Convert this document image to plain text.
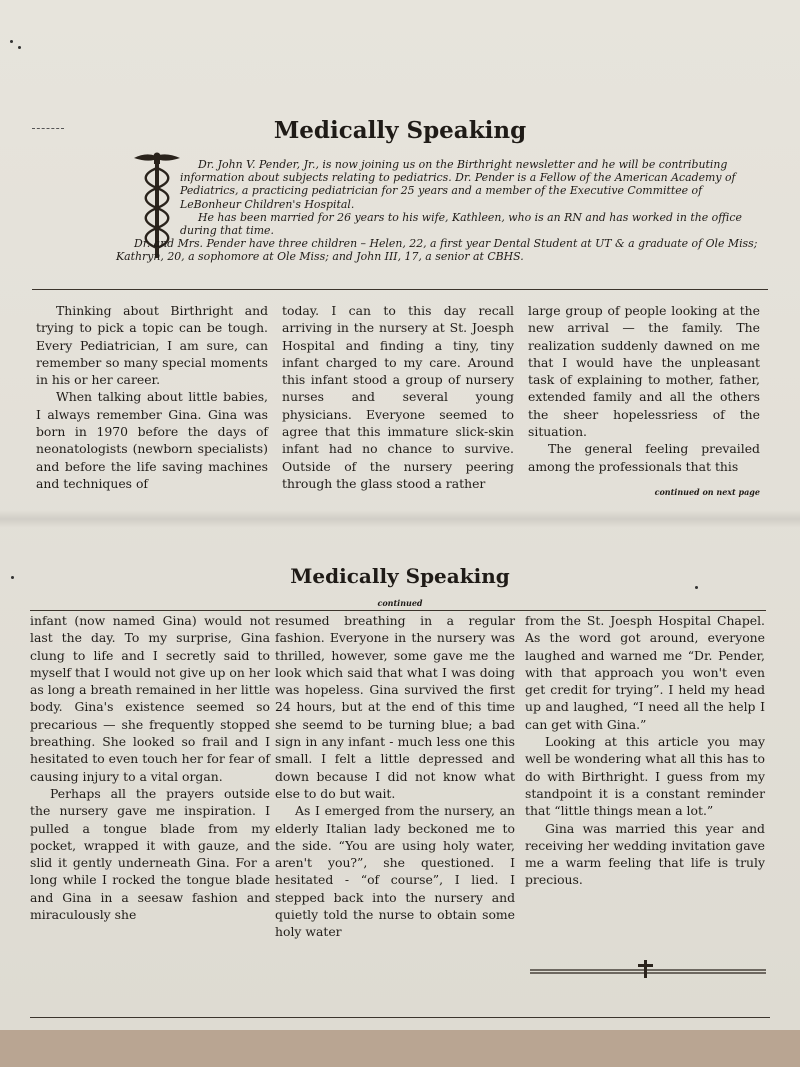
Medically Speaking

Dr. John V. Pender, Jr., is now joining us on the Birthright newsletter and he will be contributing information about subjects relating to pediatrics. Dr. Pender is a Fellow of the American Academy of Pediatrics, a practicing pediatrician for 25 years and a member of the Executive Committee of LeBonheur Children's Hospital.

He has been married for 26 years to his wife, Kathleen, who is an RN and has worked in the office during that time.

Dr. and Mrs. Pender have three children – Helen, 22, a first year Dental Student at UT & a graduate of Ole Miss; Kathryn, 20, a sophomore at Ole Miss; and John III, 17, a senior at CBHS.

Thinking about Birthright and trying to pick a topic can be tough. Every Pediatrician, I am sure, can remember so many special moments in his or her career.

When talking about little babies, I always remember Gina. Gina was born in 1970 before the days of neonatologists (newborn specialists) and before the life saving machines and techniques of

today. I can to this day recall arriving in the nursery at St. Joesph Hospital and finding a tiny, tiny infant charged to my care. Around this infant stood a group of nursery nurses and several young physicians. Everyone seemed to agree that this immature slick-skin infant had no chance to survive. Outside of the nursery peering through the glass stood a rather

large group of people looking at the new arrival — the family. The realization suddenly dawned on me that I would have the unpleasant task of explaining to mother, father, extended family and all the others the sheer hopelessriess of the situation.

The general feeling prevailed among the professionals that this

continued on next page
Medically Speaking
continued

infant (now named Gina) would not last the day. To my surprise, Gina clung to life and I secretly said to myself that I would not give up on her as long a breath remained in her little body. Gina's existence seemed so precarious — she frequently stopped breathing. She looked so frail and I hesitated to even touch her for fear of causing injury to a vital organ.

Perhaps all the prayers outside the nursery gave me inspiration. I pulled a tongue blade from my pocket, wrapped it with gauze, and slid it gently underneath Gina. For a long while I rocked the tongue blade and Gina in a seesaw fashion and miraculously she

resumed breathing in a regular fashion. Everyone in the nursery was thrilled, however, some gave me the look which said that what I was doing was hopeless. Gina survived the first 24 hours, but at the end of this time she seemd to be turning blue; a bad sign in any infant - much less one this small. I felt a little depressed and down because I did not know what else to do but wait.

As I emerged from the nursery, an elderly Italian lady beckoned me to the side. “You are using holy water, aren't you?”, she questioned. I hesitated - “of course”, I lied. I stepped back into the nursery and quietly told the nurse to obtain some holy water

from the St. Joesph Hospital Chapel. As the word got around, everyone laughed and warned me “Dr. Pender, with that approach you won't even get credit for trying”. I held my head up and laughed, “I need all the help I can get with Gina.”

Looking at this article you may well be wondering what all this has to do with Birthright. I guess from my standpoint it is a constant reminder that “little things mean a lot.”

Gina was married this year and receiving her wedding invitation gave me a warm feeling that life is truly precious.
